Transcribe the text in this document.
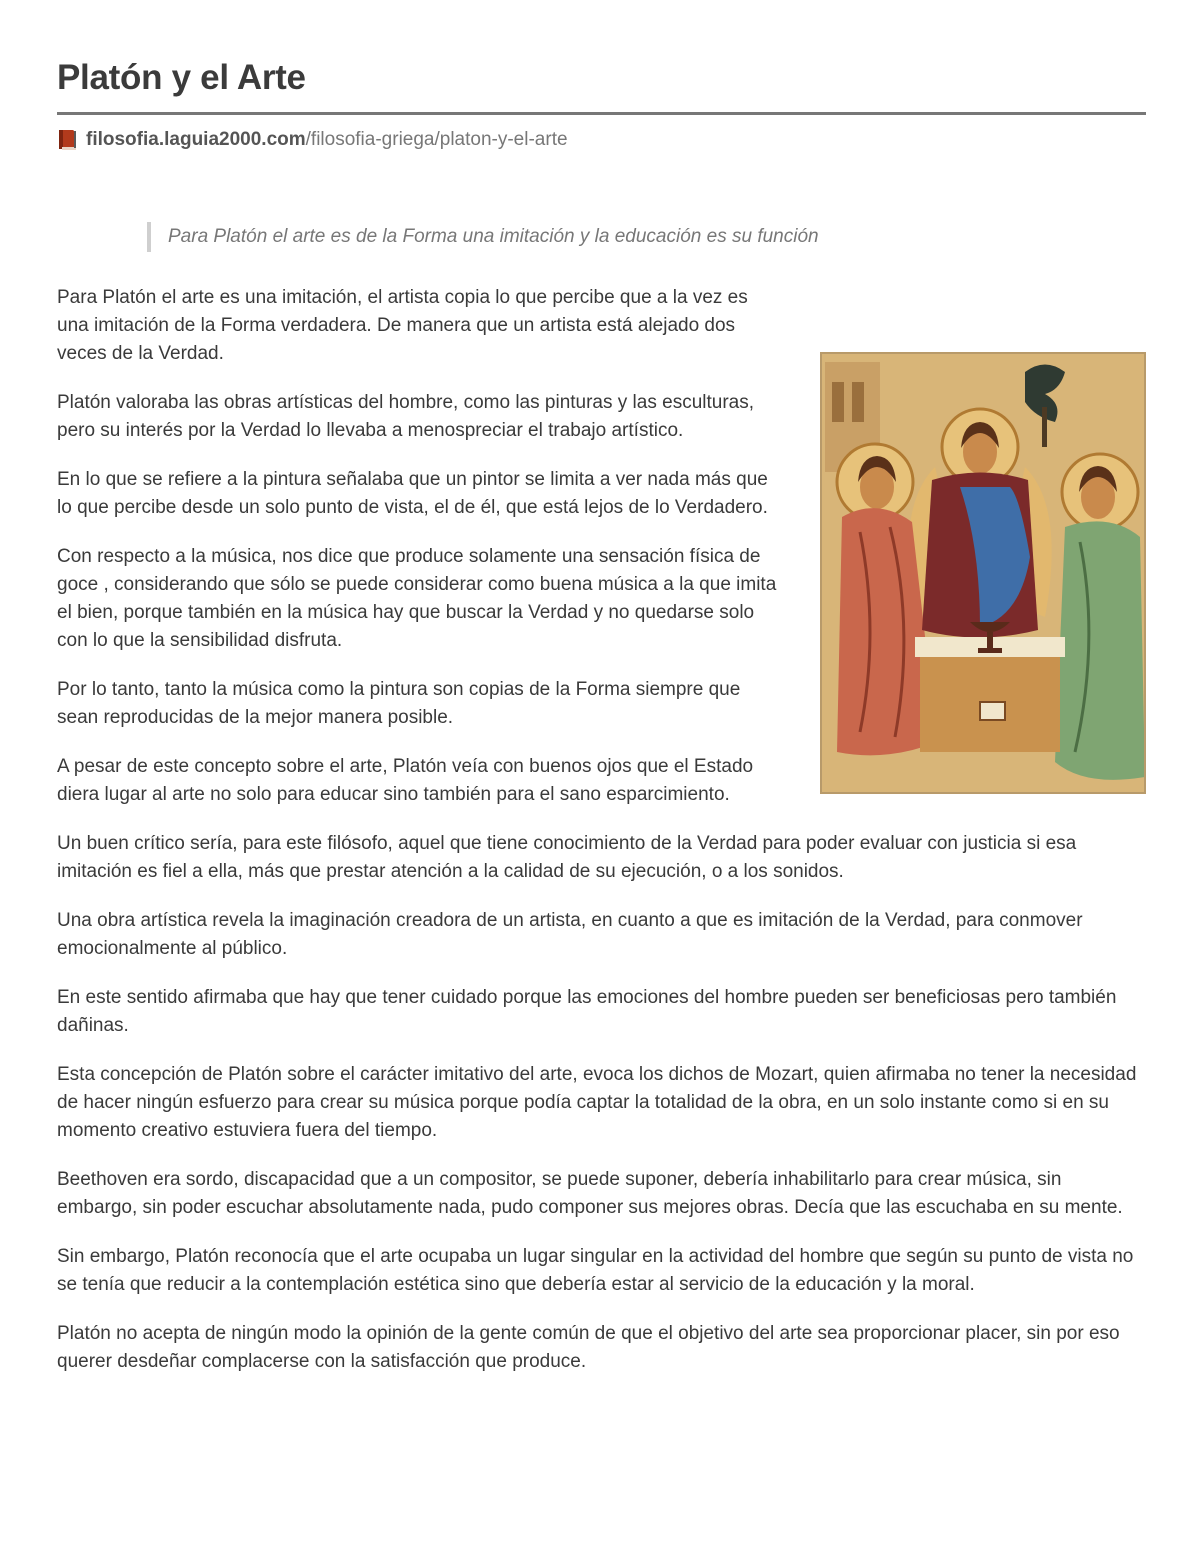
Platón y el Arte
filosofia.laguia2000.com /filosofia-griega/platon-y-el-arte
Para Platón el arte es de la Forma una imitación y la educación es su función

Para Platón el arte es una imitación, el artista copia lo que percibe que a la vez es una imitación de la Forma verdadera. De manera que un artista está alejado dos veces de la Verdad.

Platón valoraba las obras artísticas del hombre, como las pinturas y las esculturas, pero su interés por la Verdad lo llevaba a menospreciar el trabajo artístico.

En lo que se refiere a la pintura señalaba que un pintor se limita a ver nada más que lo que percibe desde un solo punto de vista, el de él, que está lejos de lo Verdadero.

Con respecto a la música, nos dice que produce solamente una sensación física de goce , considerando que sólo se puede considerar como buena música a la que imita el bien, porque también en la música hay que buscar la Verdad y no quedarse solo con lo que la sensibilidad disfruta.

Por lo tanto, tanto la música como la pintura son copias de la Forma siempre que sean reproducidas de la mejor manera posible.

A pesar de este concepto sobre el arte, Platón veía con buenos ojos que el Estado diera lugar al arte no solo para educar sino también para el sano esparcimiento.

Un buen crítico sería, para este filósofo, aquel que tiene conocimiento de la Verdad para poder evaluar con justicia si esa imitación es fiel a ella, más que prestar atención a la calidad de su ejecución, o a los sonidos.

Una obra artística revela la imaginación creadora de un artista, en cuanto a que es imitación de la Verdad, para conmover emocionalmente al público.

En este sentido afirmaba que hay que tener cuidado porque las emociones del hombre pueden ser beneficiosas pero también dañinas.

Esta concepción de Platón sobre el carácter imitativo del arte, evoca los dichos de Mozart, quien afirmaba no tener la necesidad de hacer ningún esfuerzo para crear su música porque podía captar la totalidad de la obra, en un solo instante como si en su momento creativo estuviera fuera del tiempo.

Beethoven era sordo, discapacidad que a un compositor, se puede suponer, debería inhabilitarlo para crear música, sin embargo, sin poder escuchar absolutamente nada, pudo componer sus mejores obras. Decía que las escuchaba en su mente.

Sin embargo, Platón reconocía que el arte ocupaba un lugar singular en la actividad del hombre que según su punto de vista no se tenía que reducir a la contemplación estética sino que debería estar al servicio de la educación y la moral.

Platón no acepta de ningún modo la opinión de la gente común de que el objetivo del arte sea proporcionar placer, sin por eso querer desdeñar complacerse con la satisfacción que produce.
